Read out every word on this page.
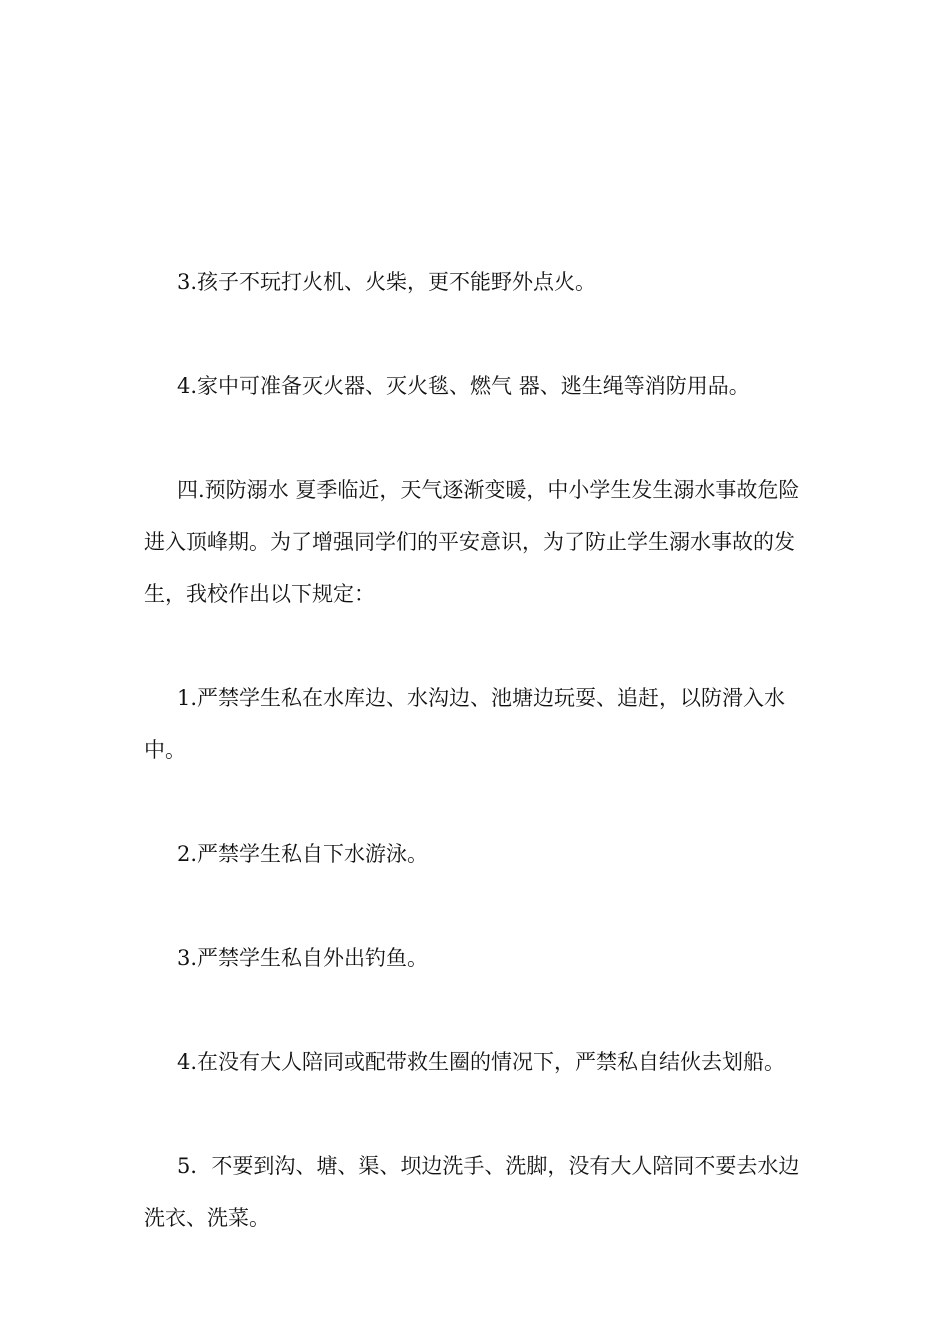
3.孩子不玩打火机、火柴，更不能野外点火。

4.家中可准备灭火器、灭火毯、燃气 器、逃生绳等消防用品。

四.预防溺水 夏季临近，天气逐渐变暖，中小学生发生溺水事故危险进入顶峰期。为了增强同学们的平安意识，为了防止学生溺水事故的发生，我校作出以下规定：

1.严禁学生私在水库边、水沟边、池塘边玩耍、追赶，以防滑入水中。

2.严禁学生私自下水游泳。

3.严禁学生私自外出钓鱼。

4.在没有大人陪同或配带救生圈的情况下，严禁私自结伙去划船。

5．不要到沟、塘、渠、坝边洗手、洗脚，没有大人陪同不要去水边洗衣、洗菜。
